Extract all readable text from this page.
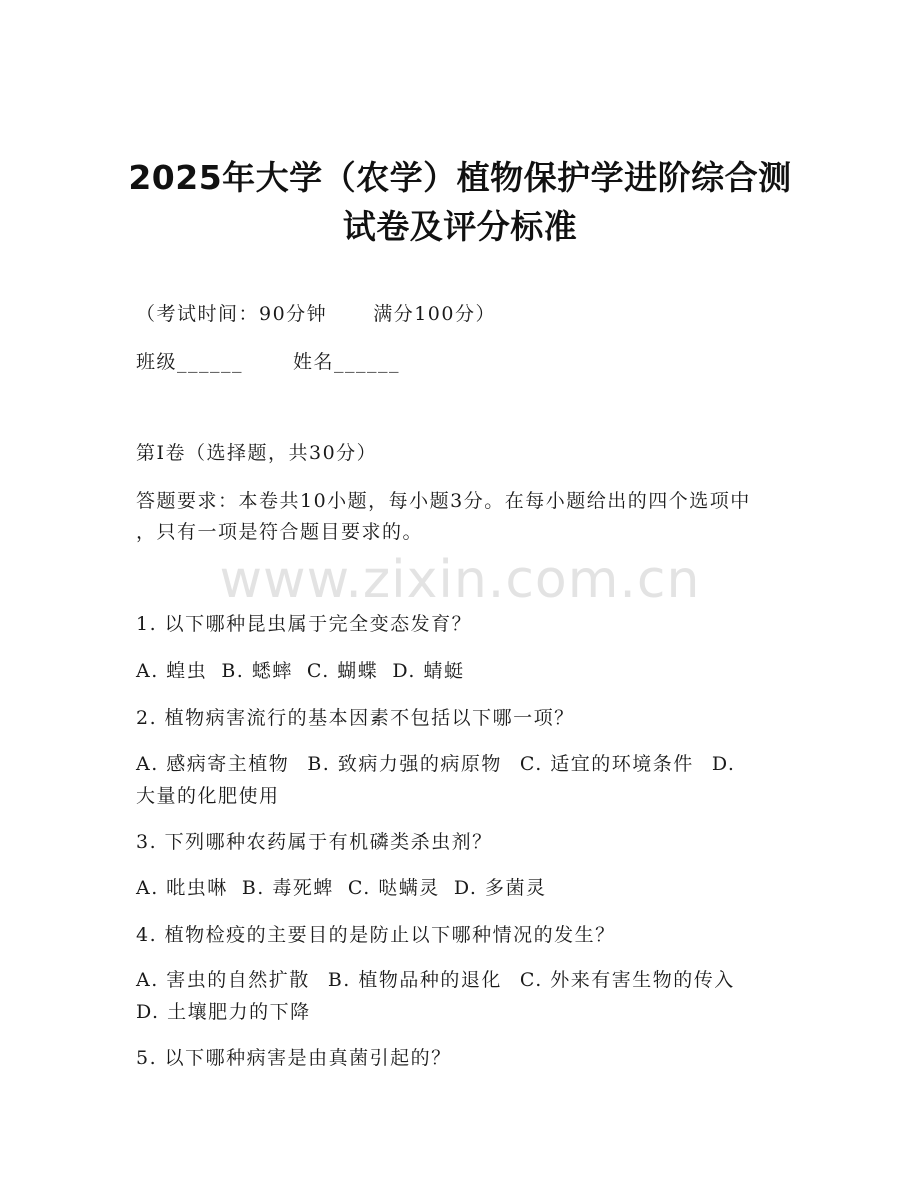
2025年大学（农学）植物保护学进阶综合测
试卷及评分标准
（考试时间：90分钟 满分100分）
班级______	姓名______
第I卷（选择题，共30分）
答题要求：本卷共10小题，每小题3分。在每小题给出的四个选项中
，只有一项是符合题目要求的。
www.zixin.com.cn
1. 以下哪种昆虫属于完全变态发育？
A. 蝗虫 B. 蟋蟀 C. 蝴蝶 D. 蜻蜓
2. 植物病害流行的基本因素不包括以下哪一项？
A. 感病寄主植物 B. 致病力强的病原物 C. 适宜的环境条件 D.
大量的化肥使用
3. 下列哪种农药属于有机磷类杀虫剂？
A. 吡虫啉 B. 毒死蜱 C. 哒螨灵 D. 多菌灵
4. 植物检疫的主要目的是防止以下哪种情况的发生？
A. 害虫的自然扩散 B. 植物品种的退化 C. 外来有害生物的传入
D. 土壤肥力的下降
5. 以下哪种病害是由真菌引起的？
